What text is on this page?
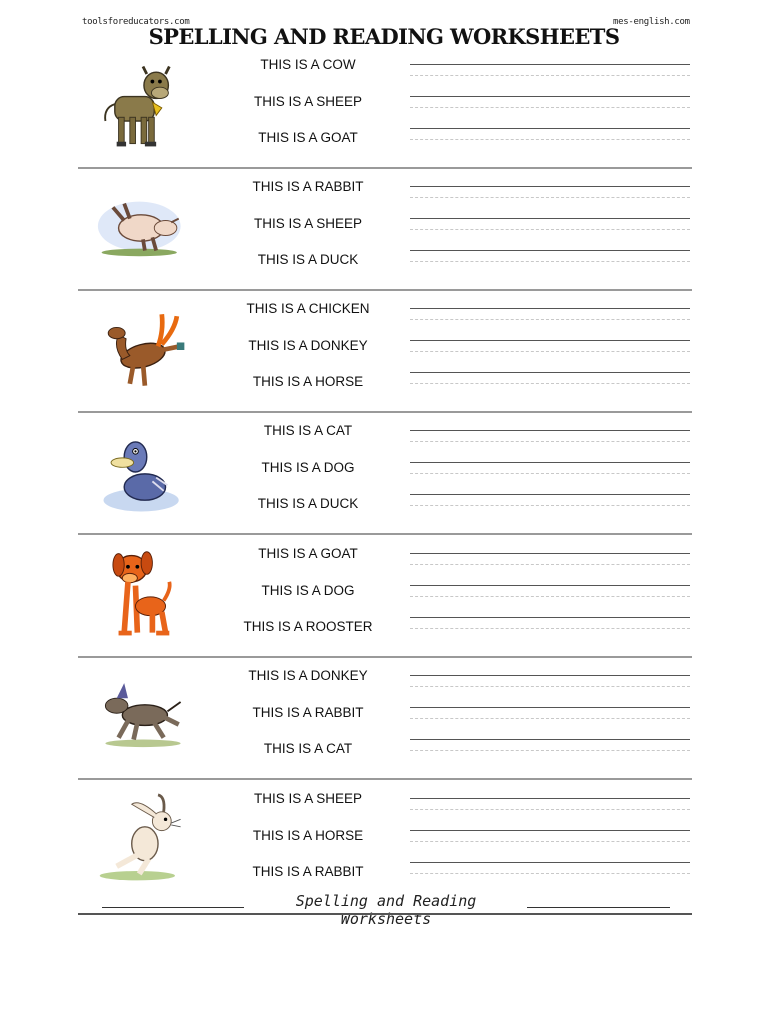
toolsforeducators.com
SPELLING AND READING WORKSHEETS
mes-english.com
THIS IS A COW
THIS IS A SHEEP
THIS IS A GOAT
THIS IS A RABBIT
THIS IS A SHEEP
THIS IS A DUCK
THIS IS A CHICKEN
THIS IS A DONKEY
THIS IS A HORSE
THIS IS A CAT
THIS IS A DOG
THIS IS A DUCK
THIS IS A GOAT
THIS IS A DOG
THIS IS A ROOSTER
THIS IS A DONKEY
THIS IS A RABBIT
THIS IS A CAT
THIS IS A SHEEP
THIS IS A HORSE
THIS IS A RABBIT
Spelling and Reading Worksheets
